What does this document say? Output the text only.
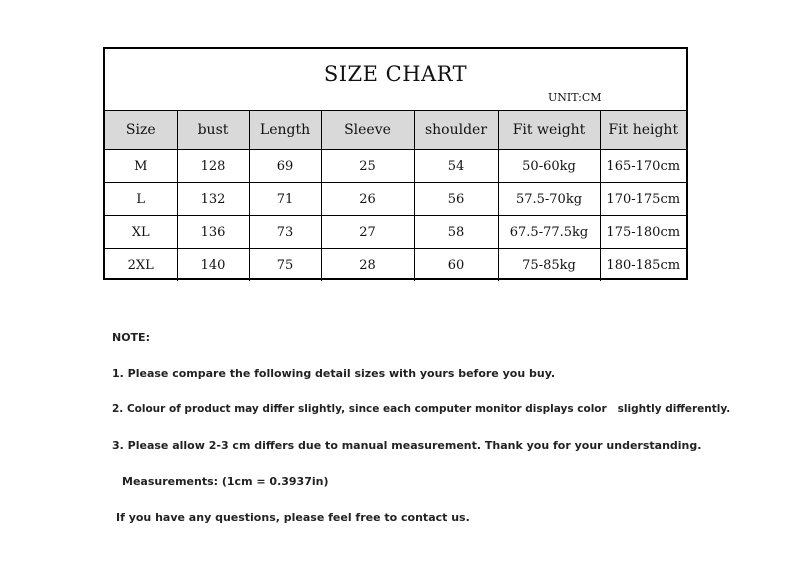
SIZE CHART
UNIT:CM
Size	bust	Length	Sleeve	shoulder	Fit weight	Fit height
M	128	69	25	54	50-60kg	165-170cm
L	132	71	26	56	57.5-70kg	170-175cm
XL	136	73	27	58	67.5-77.5kg	175-180cm
2XL	140	75	28	60	75-85kg	180-185cm
NOTE:
1. Please compare the following detail sizes with yours before you buy.
2. Colour of product may differ slightly, since each computer monitor displays color   slightly differently.
3. Please allow 2-3 cm differs due to manual measurement. Thank you for your understanding.
Measurements: (1cm = 0.3937in)
If you have any questions, please feel free to contact us.
